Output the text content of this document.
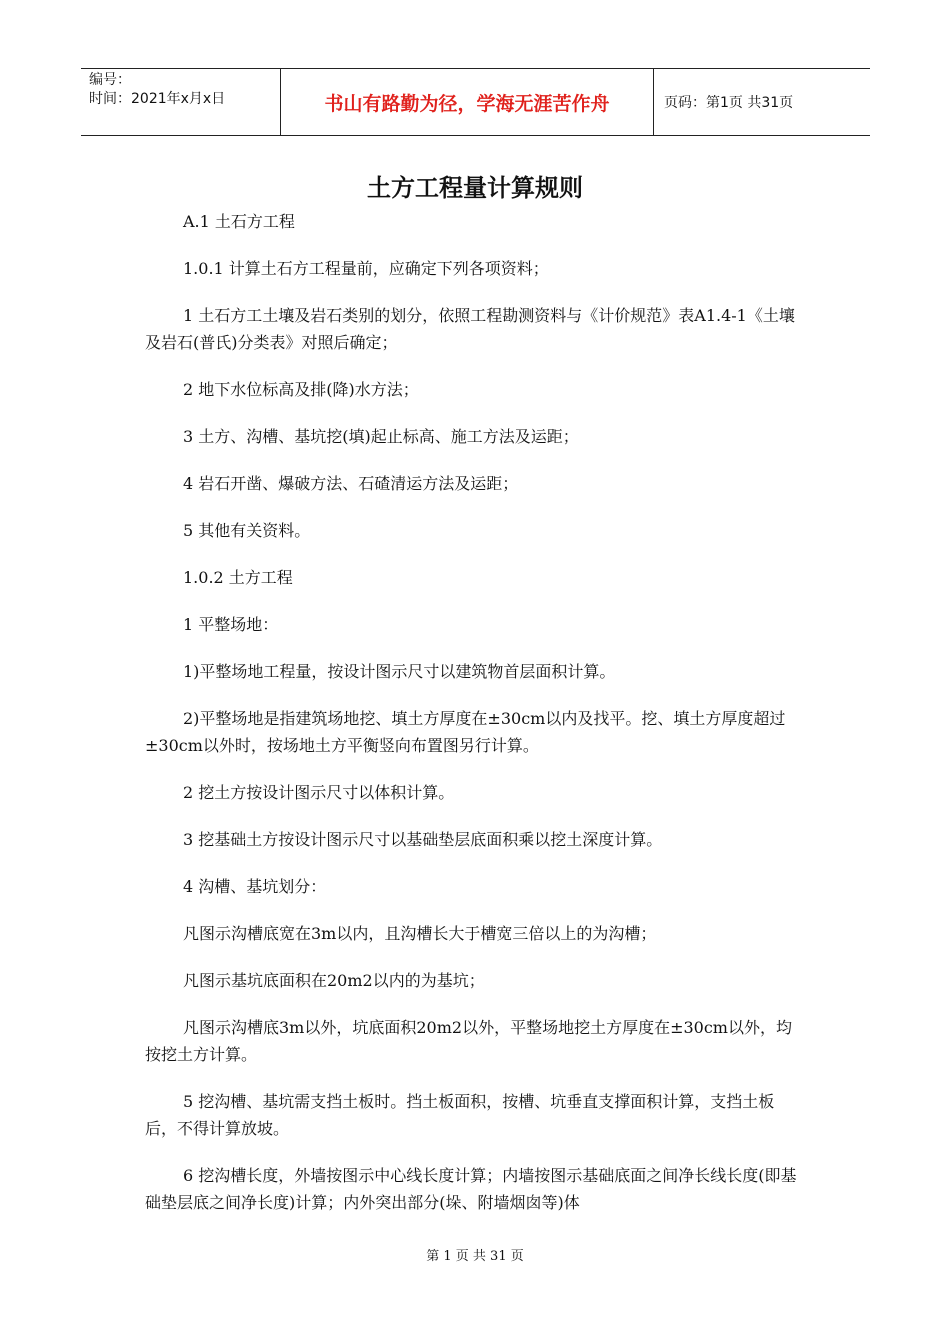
编号：
时间：2021年x月x日	书山有路勤为径，学海无涯苦作舟	页码：第1页 共31页
土方工程量计算规则

A.1 土石方工程

1.0.1 计算土石方工程量前，应确定下列各项资料；

1 土石方工土壤及岩石类别的划分，依照工程勘测资料与《计价规范》表A1.4-1《土壤及岩石(普氏)分类表》对照后确定；

2 地下水位标高及排(降)水方法；

3 土方、沟槽、基坑挖(填)起止标高、施工方法及运距；

4 岩石开凿、爆破方法、石碴清运方法及运距；

5 其他有关资料。

1.0.2 土方工程

1 平整场地：

1)平整场地工程量，按设计图示尺寸以建筑物首层面积计算。

2)平整场地是指建筑场地挖、填土方厚度在±30cm以内及找平。挖、填土方厚度超过±30cm以外时，按场地土方平衡竖向布置图另行计算。

2 挖土方按设计图示尺寸以体积计算。

3 挖基础土方按设计图示尺寸以基础垫层底面积乘以挖土深度计算。

4 沟槽、基坑划分：

凡图示沟槽底宽在3m以内，且沟槽长大于槽宽三倍以上的为沟槽；

凡图示基坑底面积在20m2以内的为基坑；

凡图示沟槽底3m以外，坑底面积20m2以外，平整场地挖土方厚度在±30cm以外，均按挖土方计算。

5 挖沟槽、基坑需支挡土板时。挡土板面积，按槽、坑垂直支撑面积计算，支挡土板后，不得计算放坡。

6 挖沟槽长度，外墙按图示中心线长度计算；内墙按图示基础底面之间净长线长度(即基础垫层底之间净长度)计算；内外突出部分(垛、附墙烟囱等)体

第 1 页 共 31 页
